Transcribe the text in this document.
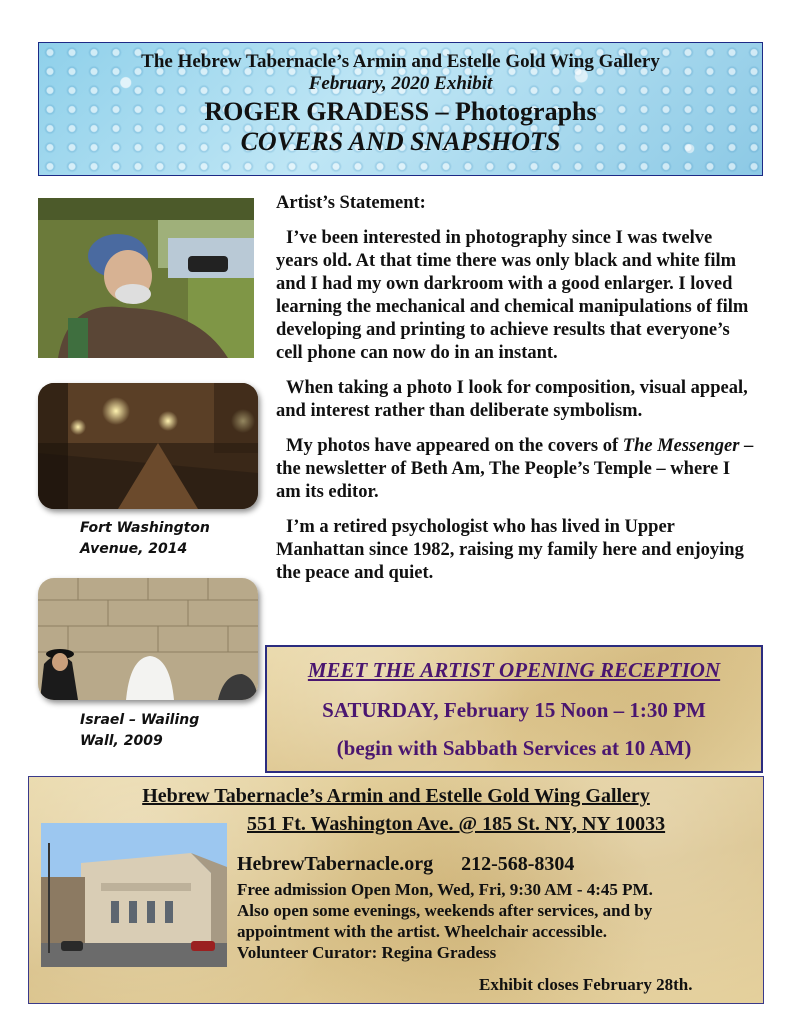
The Hebrew Tabernacle’s Armin and Estelle Gold Wing Gallery
February, 2020 Exhibit
ROGER GRADESS – Photographs
COVERS AND SNAPSHOTS
Fort Washington
Avenue, 2014
Israel – Wailing
Wall, 2009
Artist’s Statement:

I’ve been interested in photography since I was twelve years old. At that time there was only black and white film and I had my own darkroom with a good enlarger. I loved learning the mechanical and chemical manipulations of film developing and printing to achieve results that everyone’s cell phone can now do in an instant.

When taking a photo I look for composition, visual appeal, and interest rather than deliberate symbolism.

My photos have appeared on the covers of The Messenger – the newsletter of Beth Am, The People’s Temple – where I am its editor.

I’m a retired psychologist who has lived in Upper Manhattan since 1982, raising my family here and enjoying the peace and quiet.

MEET THE ARTIST OPENING RECEPTION
SATURDAY, February 15 Noon – 1:30 PM
(begin with Sabbath Services at 10 AM)
Hebrew Tabernacle’s Armin and Estelle Gold Wing Gallery
551 Ft. Washington Ave. @ 185 St. NY, NY 10033
HebrewTabernacle.org 212-568-8304
Free admission Open Mon, Wed, Fri, 9:30 AM - 4:45 PM.
Also open some evenings, weekends after services, and by
appointment with the artist. Wheelchair accessible.
Volunteer Curator: Regina Gradess
Exhibit closes February 28th.
